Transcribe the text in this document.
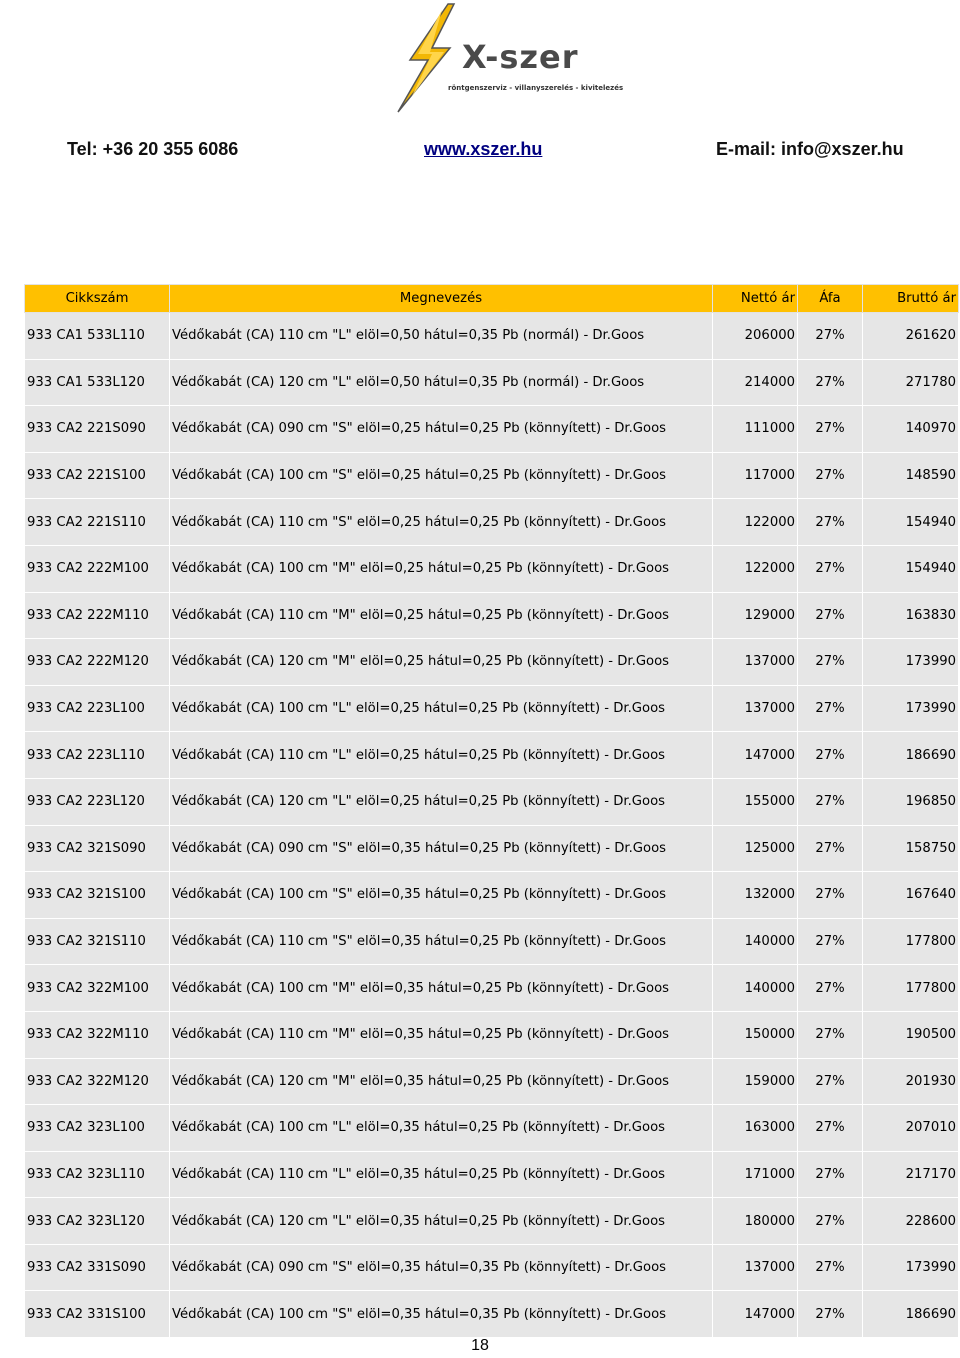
X-szer
röntgenszerviz - villanyszerelés - kivitelezés
Tel: +36 20 355 6086	www.xszer.hu	E-mail: info@xszer.hu
Cikkszám	Megnevezés	Nettó ár	Áfa	Bruttó ár
933 CA1 533L110	Védőkabát (CA) 110 cm "L" elöl=0,50 hátul=0,35 Pb (normál) - Dr.Goos	206000	27%	261620
933 CA1 533L120	Védőkabát (CA) 120 cm "L" elöl=0,50 hátul=0,35 Pb (normál) - Dr.Goos	214000	27%	271780
933 CA2 221S090	Védőkabát (CA) 090 cm "S" elöl=0,25 hátul=0,25 Pb (könnyített) - Dr.Goos	111000	27%	140970
933 CA2 221S100	Védőkabát (CA) 100 cm "S" elöl=0,25 hátul=0,25 Pb (könnyített) - Dr.Goos	117000	27%	148590
933 CA2 221S110	Védőkabát (CA) 110 cm "S" elöl=0,25 hátul=0,25 Pb (könnyített) - Dr.Goos	122000	27%	154940
933 CA2 222M100	Védőkabát (CA) 100 cm "M" elöl=0,25 hátul=0,25 Pb (könnyített) - Dr.Goos	122000	27%	154940
933 CA2 222M110	Védőkabát (CA) 110 cm "M" elöl=0,25 hátul=0,25 Pb (könnyített) - Dr.Goos	129000	27%	163830
933 CA2 222M120	Védőkabát (CA) 120 cm "M" elöl=0,25 hátul=0,25 Pb (könnyített) - Dr.Goos	137000	27%	173990
933 CA2 223L100	Védőkabát (CA) 100 cm "L" elöl=0,25 hátul=0,25 Pb (könnyített) - Dr.Goos	137000	27%	173990
933 CA2 223L110	Védőkabát (CA) 110 cm "L" elöl=0,25 hátul=0,25 Pb (könnyített) - Dr.Goos	147000	27%	186690
933 CA2 223L120	Védőkabát (CA) 120 cm "L" elöl=0,25 hátul=0,25 Pb (könnyített) - Dr.Goos	155000	27%	196850
933 CA2 321S090	Védőkabát (CA) 090 cm "S" elöl=0,35 hátul=0,25 Pb (könnyített) - Dr.Goos	125000	27%	158750
933 CA2 321S100	Védőkabát (CA) 100 cm "S" elöl=0,35 hátul=0,25 Pb (könnyített) - Dr.Goos	132000	27%	167640
933 CA2 321S110	Védőkabát (CA) 110 cm "S" elöl=0,35 hátul=0,25 Pb (könnyített) - Dr.Goos	140000	27%	177800
933 CA2 322M100	Védőkabát (CA) 100 cm "M" elöl=0,35 hátul=0,25 Pb (könnyített) - Dr.Goos	140000	27%	177800
933 CA2 322M110	Védőkabát (CA) 110 cm "M" elöl=0,35 hátul=0,25 Pb (könnyített) - Dr.Goos	150000	27%	190500
933 CA2 322M120	Védőkabát (CA) 120 cm "M" elöl=0,35 hátul=0,25 Pb (könnyített) - Dr.Goos	159000	27%	201930
933 CA2 323L100	Védőkabát (CA) 100 cm "L" elöl=0,35 hátul=0,25 Pb (könnyített) - Dr.Goos	163000	27%	207010
933 CA2 323L110	Védőkabát (CA) 110 cm "L" elöl=0,35 hátul=0,25 Pb (könnyített) - Dr.Goos	171000	27%	217170
933 CA2 323L120	Védőkabát (CA) 120 cm "L" elöl=0,35 hátul=0,25 Pb (könnyített) - Dr.Goos	180000	27%	228600
933 CA2 331S090	Védőkabát (CA) 090 cm "S" elöl=0,35 hátul=0,35 Pb (könnyített) - Dr.Goos	137000	27%	173990
933 CA2 331S100	Védőkabát (CA) 100 cm "S" elöl=0,35 hátul=0,35 Pb (könnyített) - Dr.Goos	147000	27%	186690
18
